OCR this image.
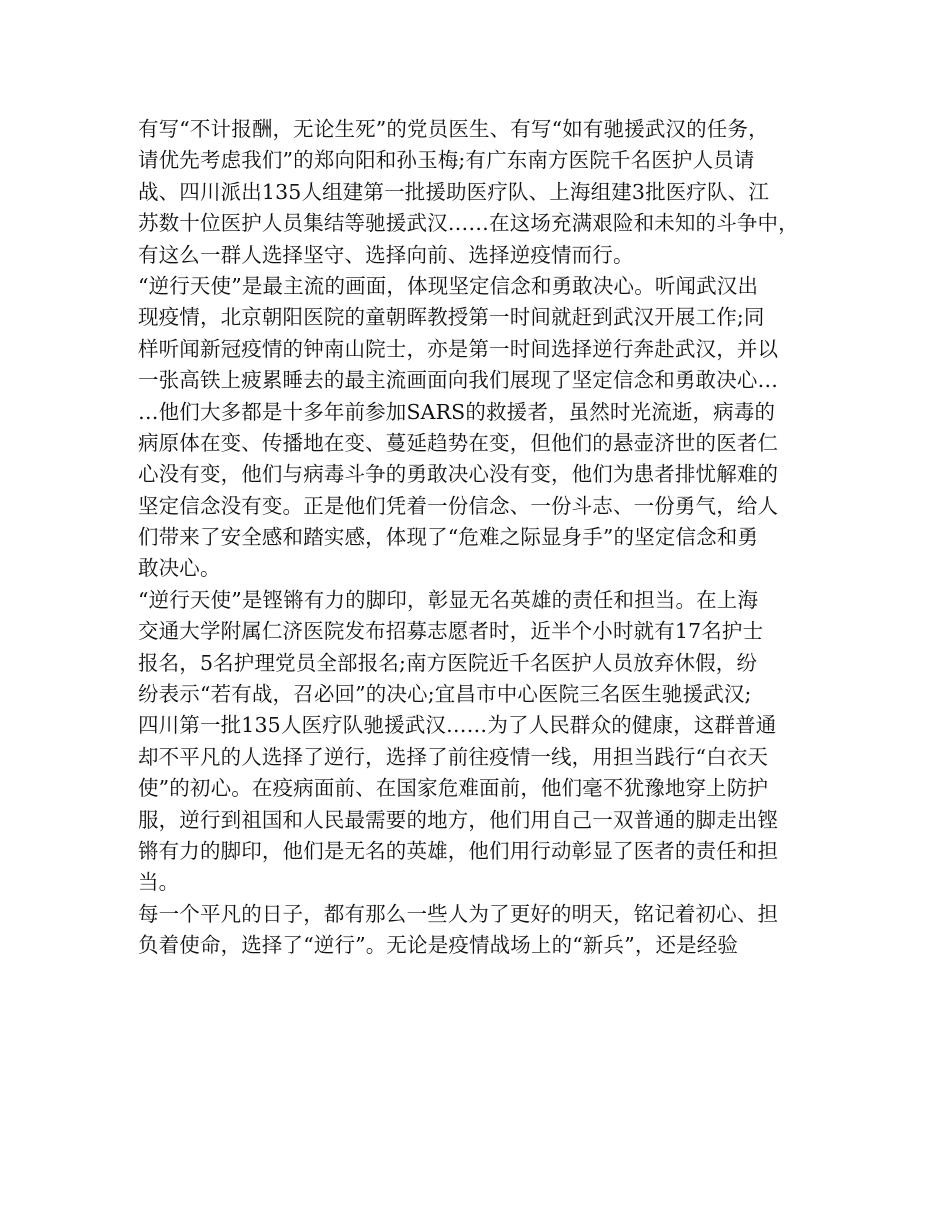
有写“不计报酬，无论生死”的党员医生、有写“如有驰援武汉的任务，
请优先考虑我们”的郑向阳和孙玉梅;有广东南方医院千名医护人员请
战、四川派出135人组建第一批援助医疗队、上海组建3批医疗队、江
苏数十位医护人员集结等驰援武汉……在这场充满艰险和未知的斗争中，
有这么一群人选择坚守、选择向前、选择逆疫情而行。
“逆行天使”是最主流的画面，体现坚定信念和勇敢决心。听闻武汉出
现疫情，北京朝阳医院的童朝晖教授第一时间就赶到武汉开展工作;同
样听闻新冠疫情的钟南山院士，亦是第一时间选择逆行奔赴武汉，并以
一张高铁上疲累睡去的最主流画面向我们展现了坚定信念和勇敢决心…
…他们大多都是十多年前参加SARS的救援者，虽然时光流逝，病毒的
病原体在变、传播地在变、蔓延趋势在变，但他们的悬壶济世的医者仁
心没有变，他们与病毒斗争的勇敢决心没有变，他们为患者排忧解难的
坚定信念没有变。正是他们凭着一份信念、一份斗志、一份勇气，给人
们带来了安全感和踏实感，体现了“危难之际显身手”的坚定信念和勇
敢决心。
“逆行天使”是铿锵有力的脚印，彰显无名英雄的责任和担当。在上海
交通大学附属仁济医院发布招募志愿者时，近半个小时就有17名护士
报名，5名护理党员全部报名;南方医院近千名医护人员放弃休假，纷
纷表示“若有战，召必回”的决心;宜昌市中心医院三名医生驰援武汉;
四川第一批135人医疗队驰援武汉……为了人民群众的健康，这群普通
却不平凡的人选择了逆行，选择了前往疫情一线，用担当践行“白衣天
使”的初心。在疫病面前、在国家危难面前，他们毫不犹豫地穿上防护
服，逆行到祖国和人民最需要的地方，他们用自己一双普通的脚走出铿
锵有力的脚印，他们是无名的英雄，他们用行动彰显了医者的责任和担
当。
每一个平凡的日子，都有那么一些人为了更好的明天，铭记着初心、担
负着使命，选择了“逆行”。无论是疫情战场上的“新兵”，还是经验
